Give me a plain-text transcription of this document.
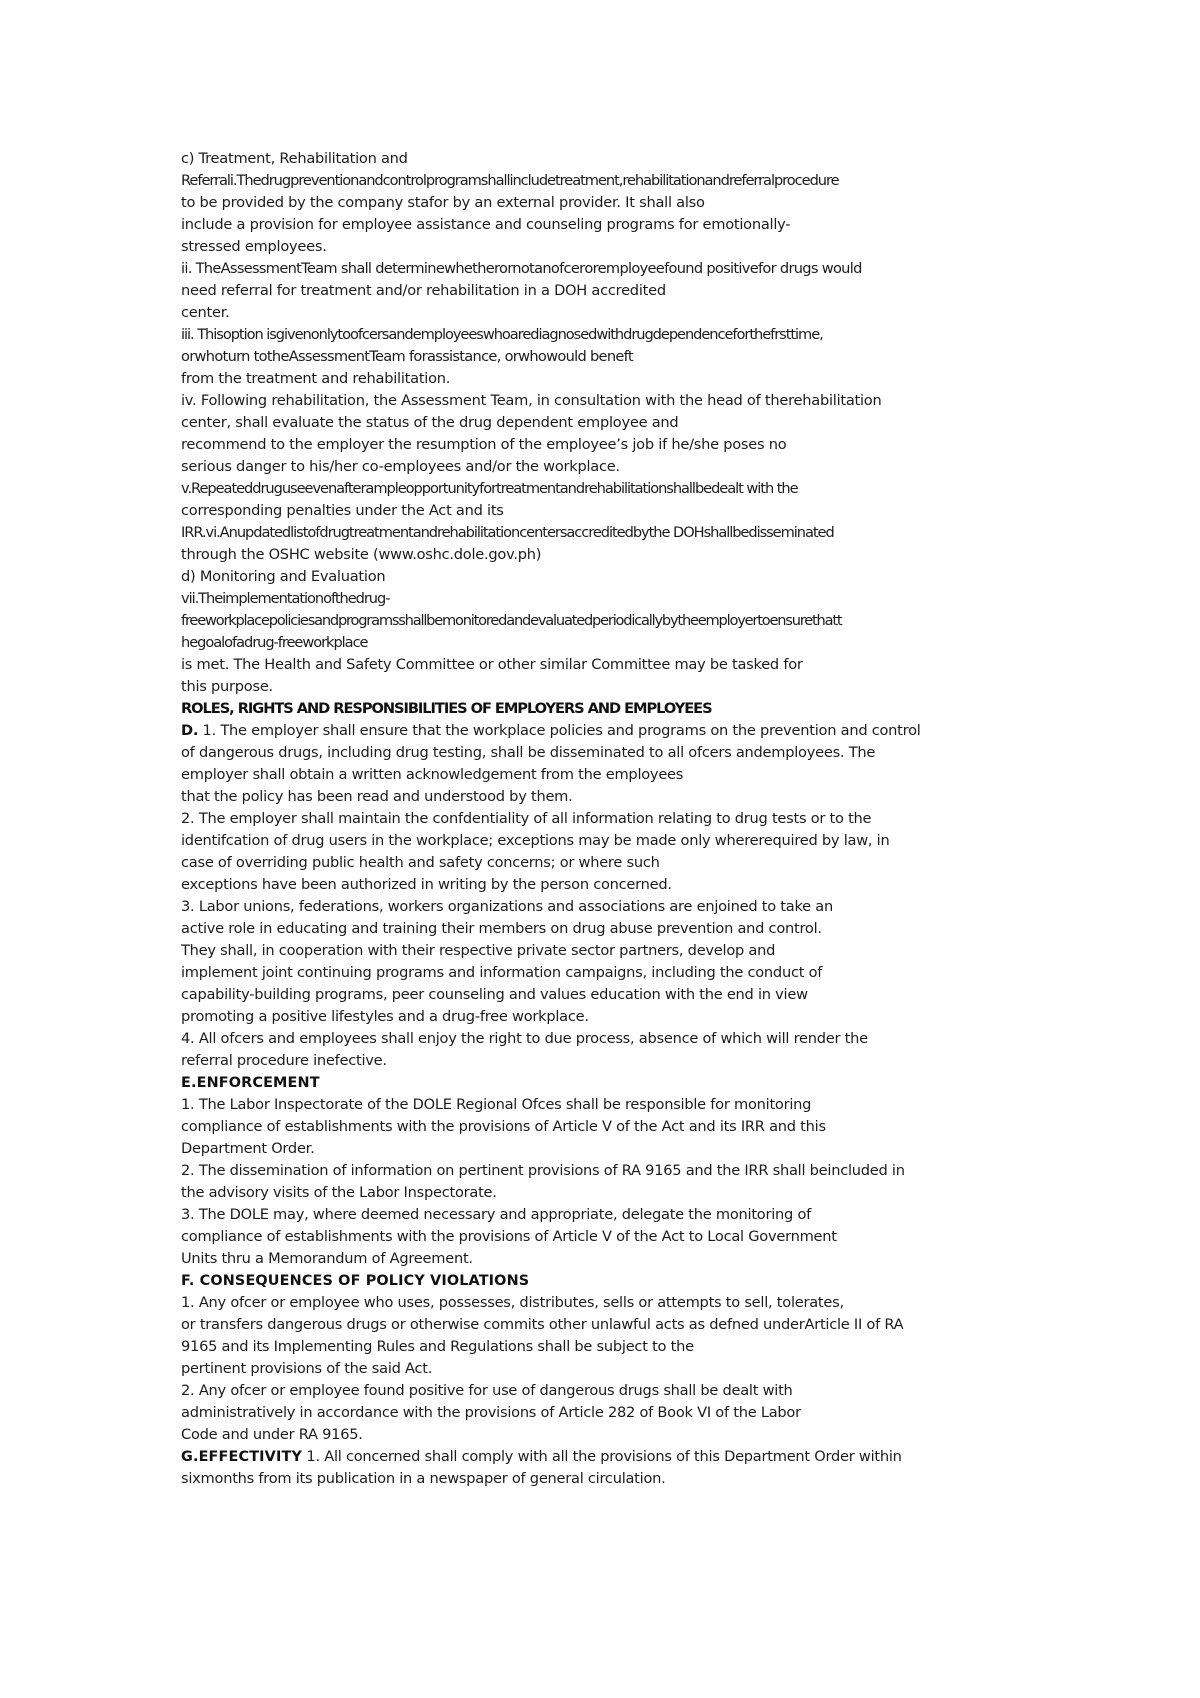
c) Treatment, Rehabilitation and
Referrali.Thedrugpreventionandcontrolprogramshallincludetreatment,rehabilitationandreferralprocedure
to be provided by the company stafor by an external provider. It shall also
include a provision for employee assistance and counseling programs for emotionally-
stressed employees.
ii. TheAssessmentTeam shall determinewhetherornotanofcerоremployeefound positivefor drugs would
need referral for treatment and/or rehabilitation in a DOH accredited
center.
iii. Thisoption isgivenonlytoofcersandemployeeswhoarediagnosedwithdrugdependenceforthefrsttime,
orwhoturn totheAssessmentTeam forassistance, orwhowould beneft
from the treatment and rehabilitation.
iv. Following rehabilitation, the Assessment Team, in consultation with the head of therehabilitation
center, shall evaluate the status of the drug dependent employee and
recommend to the employer the resumption of the employee’s job if he/she poses no
serious danger to his/her co-employees and/or the workplace.
v.Repeateddruguseevenafterampleopportunityfortreatmentandrehabilitationshallbedealt with the
corresponding penalties under the Act and its
IRR.vi.Anupdatedlistofdrugtreatmentandrehabilitationcentersaccreditedbythe DOHshallbedisseminated
through the OSHC website (www.oshc.dole.gov.ph)
d) Monitoring and Evaluation
vii.Theimplementationofthedrug-
freeworkplacepoliciesandprogramsshallbemonitoredandevaluatedperiodicallybytheemployertoensurethatt
hegoalofadrug-freeworkplace
is met. The Health and Safety Committee or other similar Committee may be tasked for
this purpose.
ROLES, RIGHTS AND RESPONSIBILITIES OF EMPLOYERS AND EMPLOYEES
D. 1. The employer shall ensure that the workplace policies and programs on the prevention and control
of dangerous drugs, including drug testing, shall be disseminated to all ofcers andemployees. The
employer shall obtain a written acknowledgement from the employees
that the policy has been read and understood by them.
2. The employer shall maintain the confdentiality of all information relating to drug tests or to the
identifcation of drug users in the workplace; exceptions may be made only whererequired by law, in
case of overriding public health and safety concerns; or where such
exceptions have been authorized in writing by the person concerned.
3. Labor unions, federations, workers organizations and associations are enjoined to take an
active role in educating and training their members on drug abuse prevention and control.
They shall, in cooperation with their respective private sector partners, develop and
implement joint continuing programs and information campaigns, including the conduct of
capability-building programs, peer counseling and values education with the end in view
promoting a positive lifestyles and a drug-free workplace.
4. All ofcers and employees shall enjoy the right to due process, absence of which will render the
referral procedure inefective.
E.ENFORCEMENT
1. The Labor Inspectorate of the DOLE Regional Ofces shall be responsible for monitoring
compliance of establishments with the provisions of Article V of the Act and its IRR and this
Department Order.
2. The dissemination of information on pertinent provisions of RA 9165 and the IRR shall beincluded in
the advisory visits of the Labor Inspectorate.
3. The DOLE may, where deemed necessary and appropriate, delegate the monitoring of
compliance of establishments with the provisions of Article V of the Act to Local Government
Units thru a Memorandum of Agreement.
F. CONSEQUENCES OF POLICY VIOLATIONS
1. Any ofcer or employee who uses, possesses, distributes, sells or attempts to sell, tolerates,
or transfers dangerous drugs or otherwise commits other unlawful acts as defned underArticle II of RA
9165 and its Implementing Rules and Regulations shall be subject to the
pertinent provisions of the said Act.
2. Any ofcer or employee found positive for use of dangerous drugs shall be dealt with
administratively in accordance with the provisions of Article 282 of Book VI of the Labor
Code and under RA 9165.
G.EFFECTIVITY 1. All concerned shall comply with all the provisions of this Department Order within
sixmonths from its publication in a newspaper of general circulation.
